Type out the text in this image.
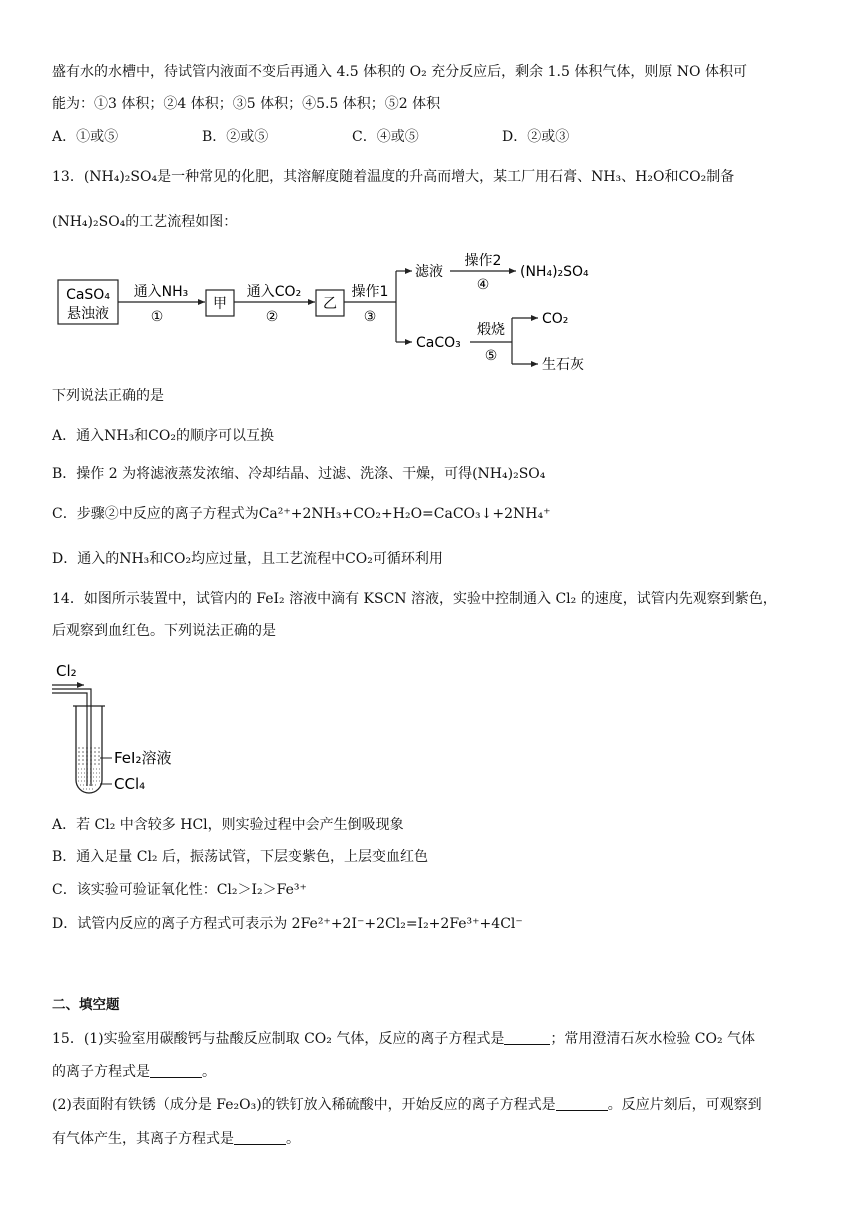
盛有水的水槽中，待试管内液面不变后再通入 4.5 体积的 O₂ 充分反应后，剩余 1.5 体积气体，则原 NO 体积可
能为：①3 体积；②4 体积；③5 体积；④5.5 体积；⑤2 体积
A．①或⑤	B．②或⑤	C．④或⑤	D．②或③
13．(NH₄)₂SO₄是一种常见的化肥，其溶解度随着温度的升高而增大，某工厂用石膏、NH₃、H₂O和CO₂制备
(NH₄)₂SO₄的工艺流程如图：
CaSO₄
悬浊液
通入NH₃
①
甲
通入CO₂
②
乙
操作1
③
滤液
操作2
④
(NH₄)₂SO₄
CaCO₃
煅烧
⑤
CO₂
生石灰
下列说法正确的是
A．通入NH₃和CO₂的顺序可以互换
B．操作 2 为将滤液蒸发浓缩、冷却结晶、过滤、洗涤、干燥，可得(NH₄)₂SO₄
C．步骤②中反应的离子方程式为Ca²⁺+2NH₃+CO₂+H₂O=CaCO₃↓+2NH₄⁺
D．通入的NH₃和CO₂均应过量，且工艺流程中CO₂可循环利用
14．如图所示装置中，试管内的 FeI₂ 溶液中滴有 KSCN 溶液，实验中控制通入 Cl₂ 的速度，试管内先观察到紫色，
后观察到血红色。下列说法正确的是
Cl₂
FeI₂溶液
CCl₄
A．若 Cl₂ 中含较多 HCl，则实验过程中会产生倒吸现象
B．通入足量 Cl₂ 后，振荡试管，下层变紫色，上层变血红色
C．该实验可验证氧化性：Cl₂＞I₂＞Fe³⁺
D．试管内反应的离子方程式可表示为 2Fe²⁺+2I⁻+2Cl₂=I₂+2Fe³⁺+4Cl⁻
二、填空题
15．(1)实验室用碳酸钙与盐酸反应制取 CO₂ 气体，反应的离子方程式是	；常用澄清石灰水检验 CO₂ 气体
的离子方程式是	。
(2)表面附有铁锈（成分是 Fe₂O₃)的铁钉放入稀硫酸中，开始反应的离子方程式是	。反应片刻后，可观察到
有气体产生，其离子方程式是	。
